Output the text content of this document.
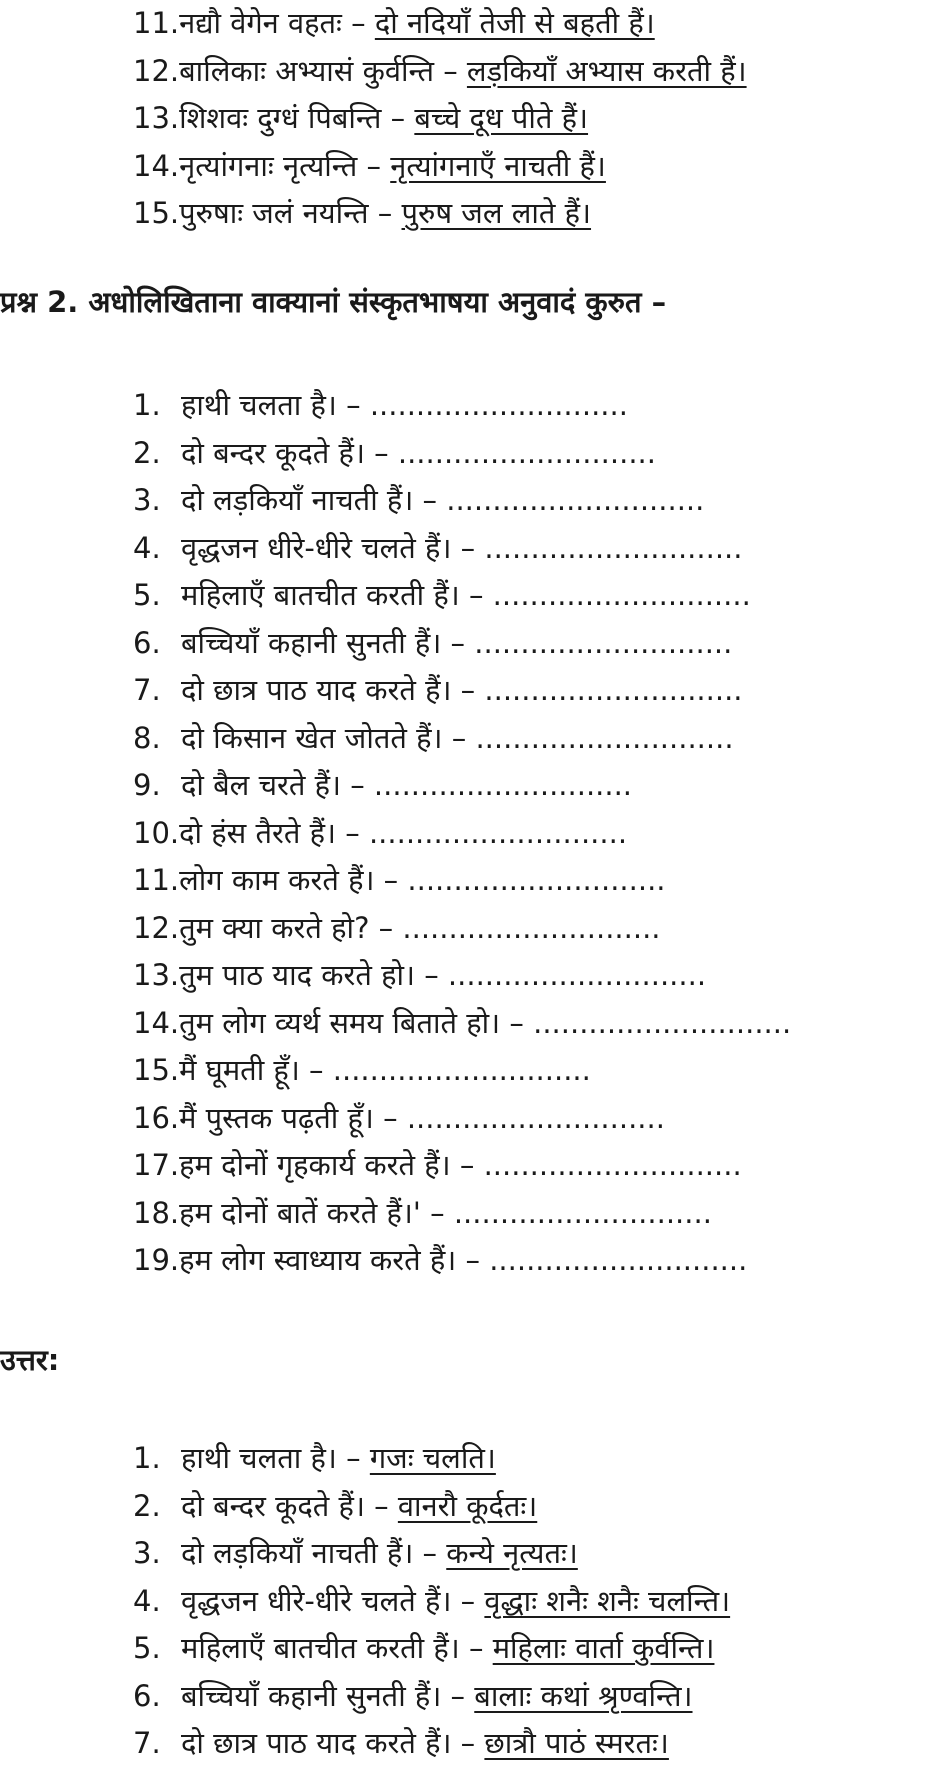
11.नद्यौ वेगेन वहतः – दो नदियाँ तेजी से बहती हैं।
12.बालिकाः अभ्यासं कुर्वन्ति – लड़कियाँ अभ्यास करती हैं।
13.शिशवः दुग्धं पिबन्ति – बच्चे दूध पीते हैं।
14.नृत्यांगनाः नृत्यन्ति – नृत्यांगनाएँ नाचती हैं।
15.पुरुषाः जलं नयन्ति – पुरुष जल लाते हैं।
प्रश्न 2. अधोलिखिताना वाक्यानां संस्कृतभाषया अनुवादं कुरुत –
1. हाथी चलता है। – ............................
2. दो बन्दर कूदते हैं। – ............................
3. दो लड़कियाँ नाचती हैं। – ............................
4. वृद्धजन धीरे-धीरे चलते हैं। – ............................
5. महिलाएँ बातचीत करती हैं। – ............................
6. बच्चियाँ कहानी सुनती हैं। – ............................
7. दो छात्र पाठ याद करते हैं। – ............................
8. दो किसान खेत जोतते हैं। – ............................
9. दो बैल चरते हैं। – ............................
10.दो हंस तैरते हैं। – ............................
11.लोग काम करते हैं। – ............................
12.तुम क्या करते हो? – ............................
13.तुम पाठ याद करते हो। – ............................
14.तुम लोग व्यर्थ समय बिताते हो। – ............................
15.मैं घूमती हूँ। – ............................
16.मैं पुस्तक पढ़ती हूँ। – ............................
17.हम दोनों गृहकार्य करते हैं। – ............................
18.हम दोनों बातें करते हैं।' – ............................
19.हम लोग स्वाध्याय करते हैं। – ............................
उत्तर:
1. हाथी चलता है। – गजः चलति।
2. दो बन्दर कूदते हैं। – वानरौ कूर्दतः।
3. दो लड़कियाँ नाचती हैं। – कन्ये नृत्यतः।
4. वृद्धजन धीरे-धीरे चलते हैं। – वृद्धाः शनैः शनैः चलन्ति।
5. महिलाएँ बातचीत करती हैं। – महिलाः वार्ता कुर्वन्ति।
6. बच्चियाँ कहानी सुनती हैं। – बालाः कथां श्रृण्वन्ति।
7. दो छात्र पाठ याद करते हैं। – छात्रौ पाठं स्मरतः।
